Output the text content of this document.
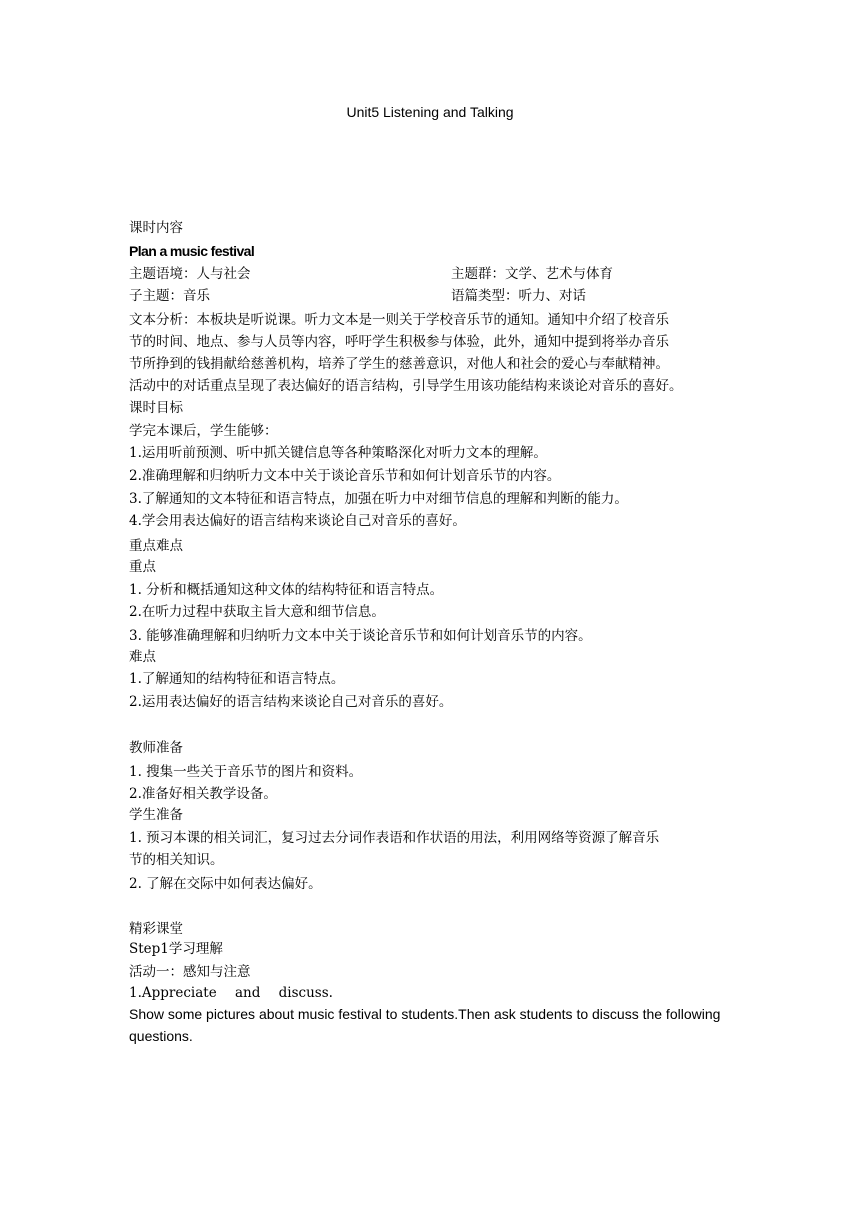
Unit5 Listening and Talking
课时内容
Plan a music festival
主题语境：人与社会	主题群：文学、艺术与体育
子主题：音乐	语篇类型：听力、对话
文本分析：本板块是听说课。听力文本是一则关于学校音乐节的通知。通知中介绍了校音乐
节的时间、地点、参与人员等内容，呼吁学生积极参与体验，此外，通知中提到将举办音乐
节所挣到的钱捐献给慈善机构，培养了学生的慈善意识，对他人和社会的爱心与奉献精神。
活动中的对话重点呈现了表达偏好的语言结构，引导学生用该功能结构来谈论对音乐的喜好。
课时目标
学完本课后，学生能够：
1.运用听前预测、听中抓关键信息等各种策略深化对听力文本的理解。
2.准确理解和归纳听力文本中关于谈论音乐节和如何计划音乐节的内容。
3.了解通知的文本特征和语言特点，加强在听力中对细节信息的理解和判断的能力。
4.学会用表达偏好的语言结构来谈论自己对音乐的喜好。
重点难点
重点
1. 分析和概括通知这种文体的结构特征和语言特点。
2.在听力过程中获取主旨大意和细节信息。
3. 能够准确理解和归纳听力文本中关于谈论音乐节和如何计划音乐节的内容。
难点
1.了解通知的结构特征和语言特点。
2.运用表达偏好的语言结构来谈论自己对音乐的喜好。
教师准备
1. 搜集一些关于音乐节的图片和资料。
2.准备好相关教学设备。
学生准备
1. 预习本课的相关词汇，复习过去分词作表语和作状语的用法，利用网络等资源了解音乐
节的相关知识。
2. 了解在交际中如何表达偏好。
精彩课堂
Step1学习理解
活动一：感知与注意
1.Appreciate and discuss.
Show some pictures about music festival to students.Then ask students to discuss the following
questions.
